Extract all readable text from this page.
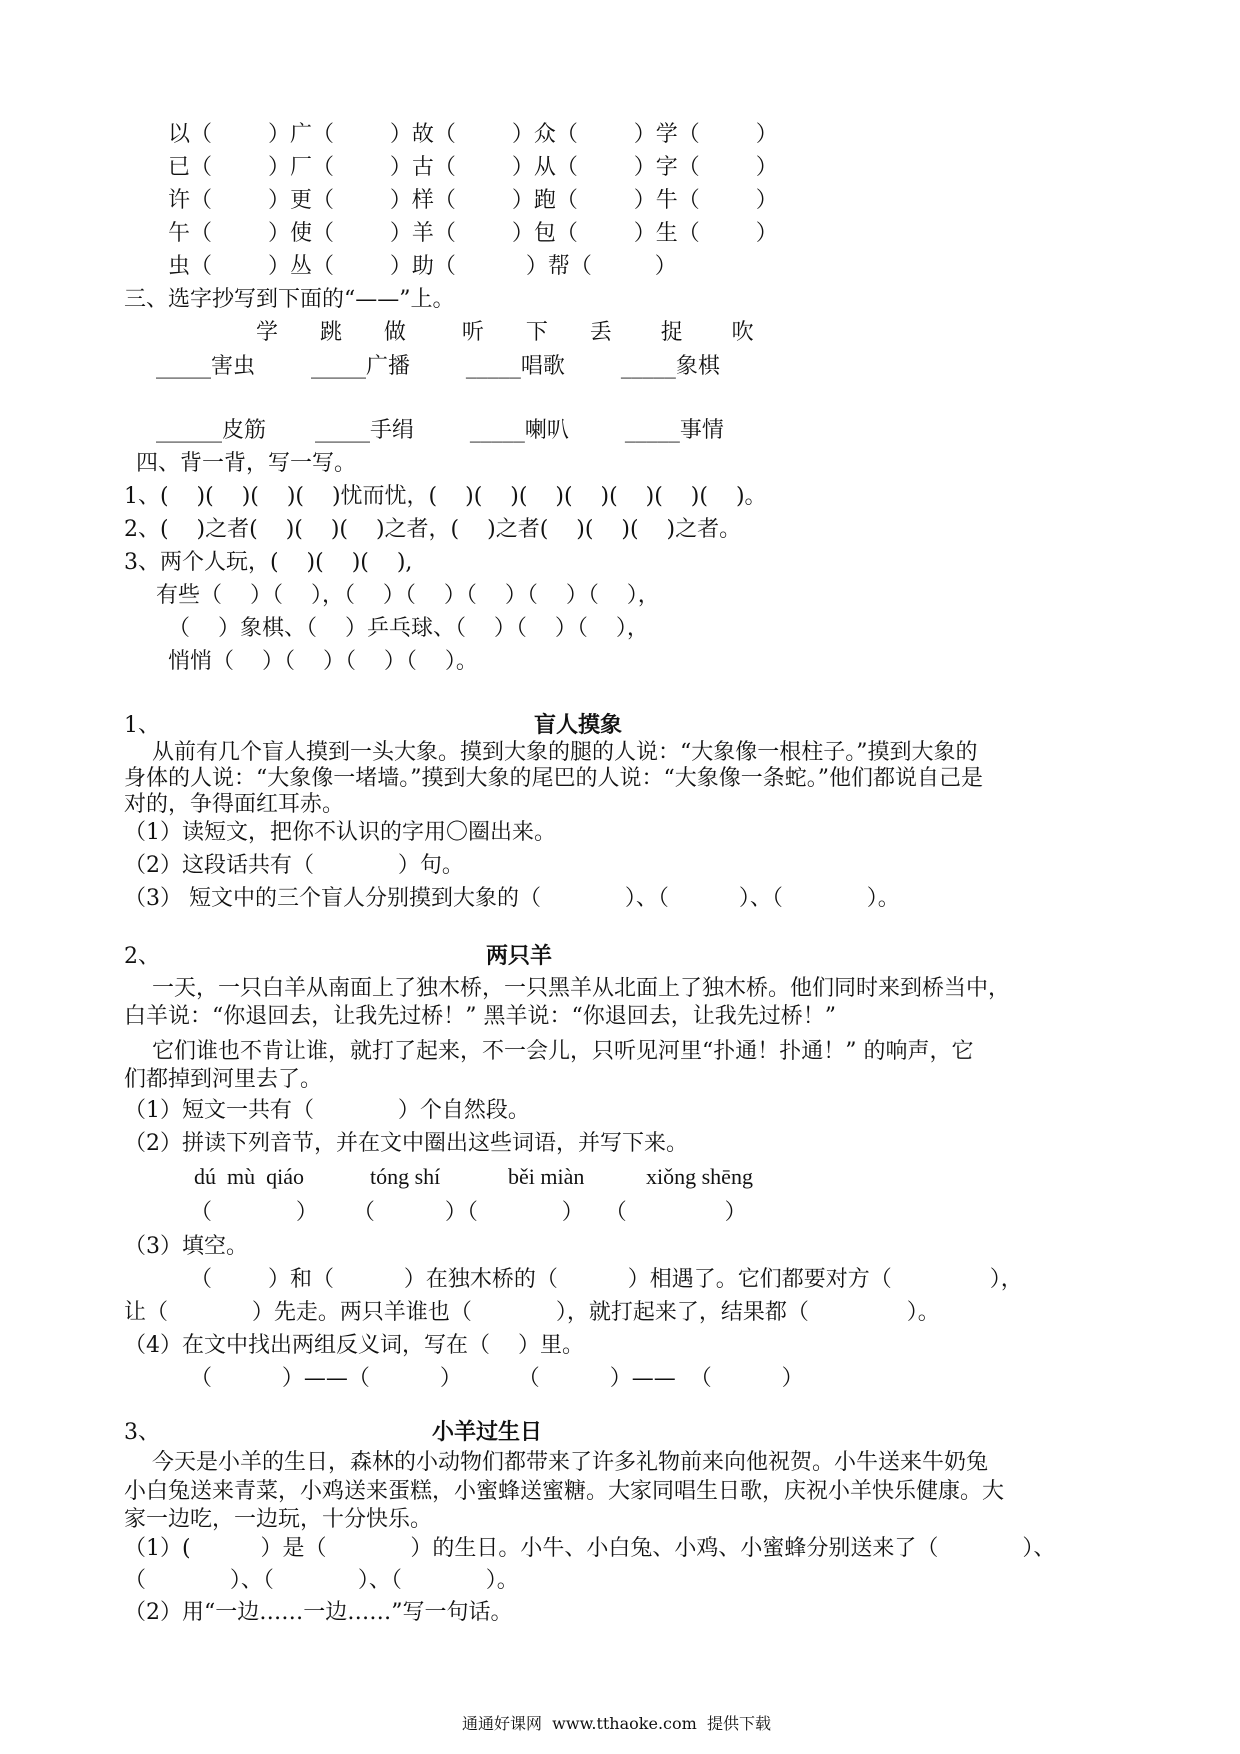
以（        ）广（        ）故（        ）众（        ）学（        ）
已（        ）厂（        ）古（        ）从（        ）字（        ）
许（        ）更（        ）样（        ）跑（        ）牛（        ）
午（        ）使（        ）羊（        ）包（        ）生（        ）
虫（        ）丛（        ）助（          ）帮（         ）
三、选字抄写到下面的“——”上。
学      跳      做        听      下      丢       捉       吹
_____害虫        _____广播        _____唱歌        _____象棋
______皮筋       _____手绢        _____喇叭        _____事情
四、背一背，写一写。
1、(    )(    )(    )(    )忧而忧，(    )(    )(    )(    )(    )(    )(    )。
2、(    )之者(    )(    )(    )之者，(    )之者(    )(    )(    )之者。
3、两个人玩，(    )(    )(    ),
有些（    ）（    ），（    ）（    ）（    ）（    ）（    ），
（    ）象棋、（    ）乒乓球、（    ）（    ）（    ），
悄悄（    ）（    ）（    ）（    ）。
1、	盲人摸象
从前有几个盲人摸到一头大象。摸到大象的腿的人说：“大象像一根柱子。”摸到大象的
身体的人说：“大象像一堵墙。”摸到大象的尾巴的人说：“大象像一条蛇。”他们都说自己是
对的，争得面红耳赤。
（1）读短文，把你不认识的字用〇圈出来。
（2）这段话共有（            ）句。
（3） 短文中的三个盲人分别摸到大象的（            ）、（          ）、（            ）。
2、	两只羊
一天，一只白羊从南面上了独木桥，一只黑羊从北面上了独木桥。他们同时来到桥当中，
白羊说：“你退回去，让我先过桥！” 黑羊说：“你退回去，让我先过桥！”
它们谁也不肯让谁，就打了起来，不一会儿，只听见河里“扑通！扑通！” 的响声，它
们都掉到河里去了。
（1）短文一共有（            ）个自然段。
（2）拼读下列音节，并在文中圈出这些词语，并写下来。
dú  mù  qiáo	tóng shí	běi miàn	xiǒng shēng
（            ）     （          ）（            ）   （              ）
（3）填空。
（        ）和（          ）在独木桥的（          ）相遇了。它们都要对方（              ），
让（            ）先走。两只羊谁也（            ），就打起来了，结果都（              ）。
（4）在文中找出两组反义词，写在（    ）里。
（          ）——（          ）        （          ）——  （          ）
3、	小羊过生日
今天是小羊的生日，森林的小动物们都带来了许多礼物前来向他祝贺。小牛送来牛奶兔
小白兔送来青菜，小鸡送来蛋糕，小蜜蜂送蜜糖。大家同唱生日歌，庆祝小羊快乐健康。大
家一边吃，一边玩，十分快乐。
（1）(          ）是（            ）的生日。小牛、小白兔、小鸡、小蜜蜂分别送来了（            ）、
（            ）、（            ）、（            ）。
（2）用“一边……一边……”写一句话。
通通好课网  www.tthaoke.com  提供下载
